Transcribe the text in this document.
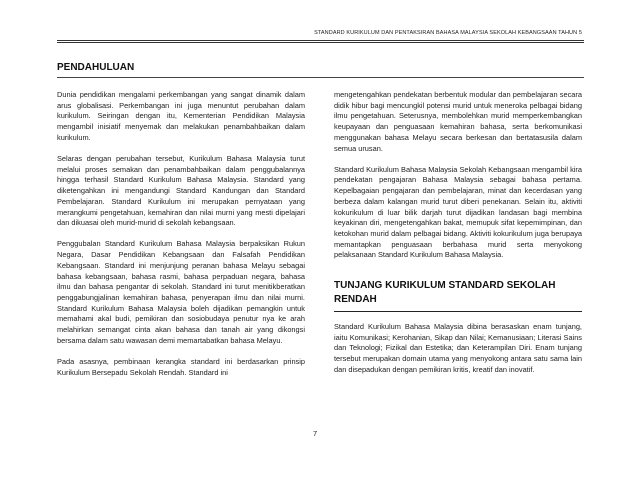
STANDARD KURIKULUM DAN PENTAKSIRAN BAHASA MALAYSIA SEKOLAH KEBANGSAAN TAHUN 5
PENDAHULUAN

Dunia pendidikan mengalami perkembangan yang sangat dinamik dalam arus globalisasi. Perkembangan ini juga menuntut perubahan dalam kurikulum. Seiringan dengan itu, Kementerian Pendidikan Malaysia mengambil inisiatif menyemak dan melakukan penambahbaikan dalam kurikulum.

Selaras dengan perubahan tersebut, Kurikulum Bahasa Malaysia turut melalui proses semakan dan penambahbaikan dalam penggubalannya hingga terhasil Standard Kurikulum Bahasa Malaysia. Standard yang diketengahkan ini mengandungi Standard Kandungan dan Standard Pembelajaran. Standard Kurikulum ini merupakan pernyataan yang merangkumi pengetahuan, kemahiran dan nilai murni yang mesti dipelajari dan dikuasai oleh murid-murid di sekolah kebangsaan.

Penggubalan Standard Kurikulum Bahasa Malaysia berpaksikan Rukun Negara, Dasar Pendidikan Kebangsaan dan Falsafah Pendidikan Kebangsaan. Standard ini menjunjung peranan bahasa Melayu sebagai bahasa kebangsaan, bahasa rasmi, bahasa perpaduan negara, bahasa ilmu dan bahasa pengantar di sekolah. Standard ini turut menitikberatkan penggabungjalinan kemahiran bahasa, penyerapan ilmu dan nilai murni. Standard Kurikulum Bahasa Malaysia boleh dijadikan pemangkin untuk memahami akal budi, pemikiran dan sosiobudaya penutur nya ke arah melahirkan semangat cinta akan bahasa dan tanah air yang dikongsi bersama dalam satu wawasan demi memartabatkan bahasa Melayu.

Pada asasnya, pembinaan kerangka standard ini berdasarkan prinsip Kurikulum Bersepadu Sekolah Rendah. Standard ini

mengetengahkan pendekatan berbentuk modular dan pembelajaran secara didik hibur bagi mencungkil potensi murid untuk meneroka pelbagai bidang ilmu pengetahuan. Seterusnya, membolehkan murid memperkembangkan keupayaan dan penguasaan kemahiran bahasa, serta berkomunikasi menggunakan bahasa Melayu secara berkesan dan bertatasusila dalam semua urusan.

Standard Kurikulum Bahasa Malaysia Sekolah Kebangsaan mengambil kira pendekatan pengajaran Bahasa Malaysia sebagai bahasa pertama. Kepelbagaian pengajaran dan pembelajaran, minat dan kecerdasan yang berbeza dalam kalangan murid turut diberi penekanan. Selain itu, aktiviti kokurikulum di luar bilik darjah turut dijadikan landasan bagi membina keyakinan diri, mengetengahkan bakat, memupuk sifat kepemimpinan, dan ketokohan murid dalam pelbagai bidang. Aktiviti kokurikulum juga berupaya memantapkan penguasaan berbahasa murid serta menyokong pelaksanaan Standard Kurikulum Bahasa Malaysia.

TUNJANG KURIKULUM STANDARD SEKOLAH RENDAH

Standard Kurikulum Bahasa Malaysia dibina berasaskan enam tunjang, iaitu Komunikasi; Kerohanian, Sikap dan Nilai; Kemanusiaan; Literasi Sains dan Teknologi; Fizikal dan Estetika; dan Keterampilan Diri. Enam tunjang tersebut merupakan domain utama yang menyokong antara satu sama lain dan disepadukan dengan pemikiran kritis, kreatif dan inovatif.

7
